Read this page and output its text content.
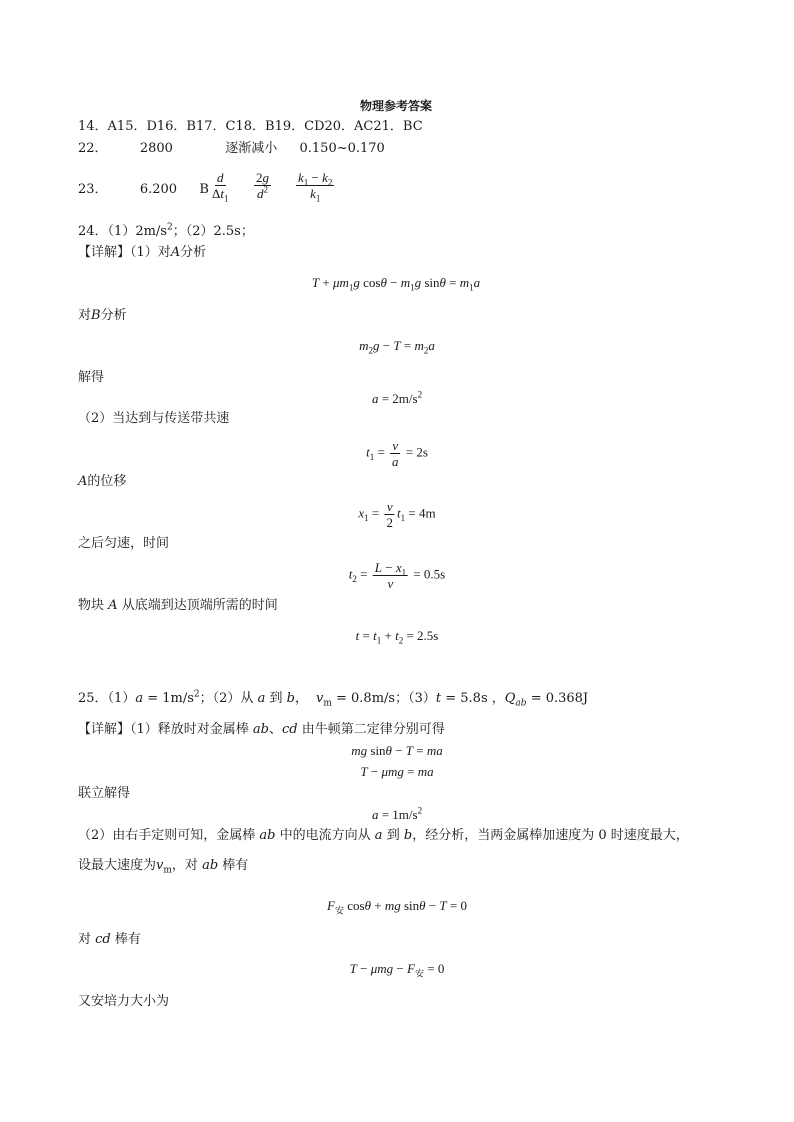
物理参考答案
14．A15．D16．B17．C18．B19．CD20．AC21．BC
22． 2800	逐渐减小 0.150~0.170
23． 6.200 B $\frac{d}{\Delta t_1} \frac{2g}{d^2} \frac{k_1 - k_2}{k_1}$
24．$(1)2m/s^2$；（2）2.5s；
【详解】（1）对A分析
$T + \mu m_1g$ $\cos\theta - m_1g$ $\sin\theta = m_1a$
对B分析
$m_2g - T = m_2a$
解得
$a = 2m/s^2$
（2）当达到与传送带共速
$t_1 = \frac{v}{a} = 2s$
A的位移
$x_1 = \frac{v}{2} t_1 = 4m$
之后匀速，时间
$t_2 = \frac{L - x_1}{v} = 0.5s$
物块 A 从底端到达顶端所需的时间
$t = t_1 + t_2 = 2.5s$
25．$(1)a = 1m/s^2$；（2）从 a 到 b， $v_m = 0.8m/s$；（3）t = 5.8s ，$Q_{ab} = 0.368J$
【详解】（1）释放时对金属棒 ab、cd 由牛顿第二定律分别可得
mg sinθ − T = ma
T − μmg = ma
联立解得
$a = 1m/s^2$
（2）由右手定则可知，金属棒 ab 中的电流方向从 a 到 b，经分析，当两金属棒加速度为 0 时速度最大，
设最大速度为$v_m$，对 ab 棒有
$F_安$ cosθ + mg sinθ − T = 0
对 cd 棒有
$T - \mu mg - F_安 = 0$
又安培力大小为
